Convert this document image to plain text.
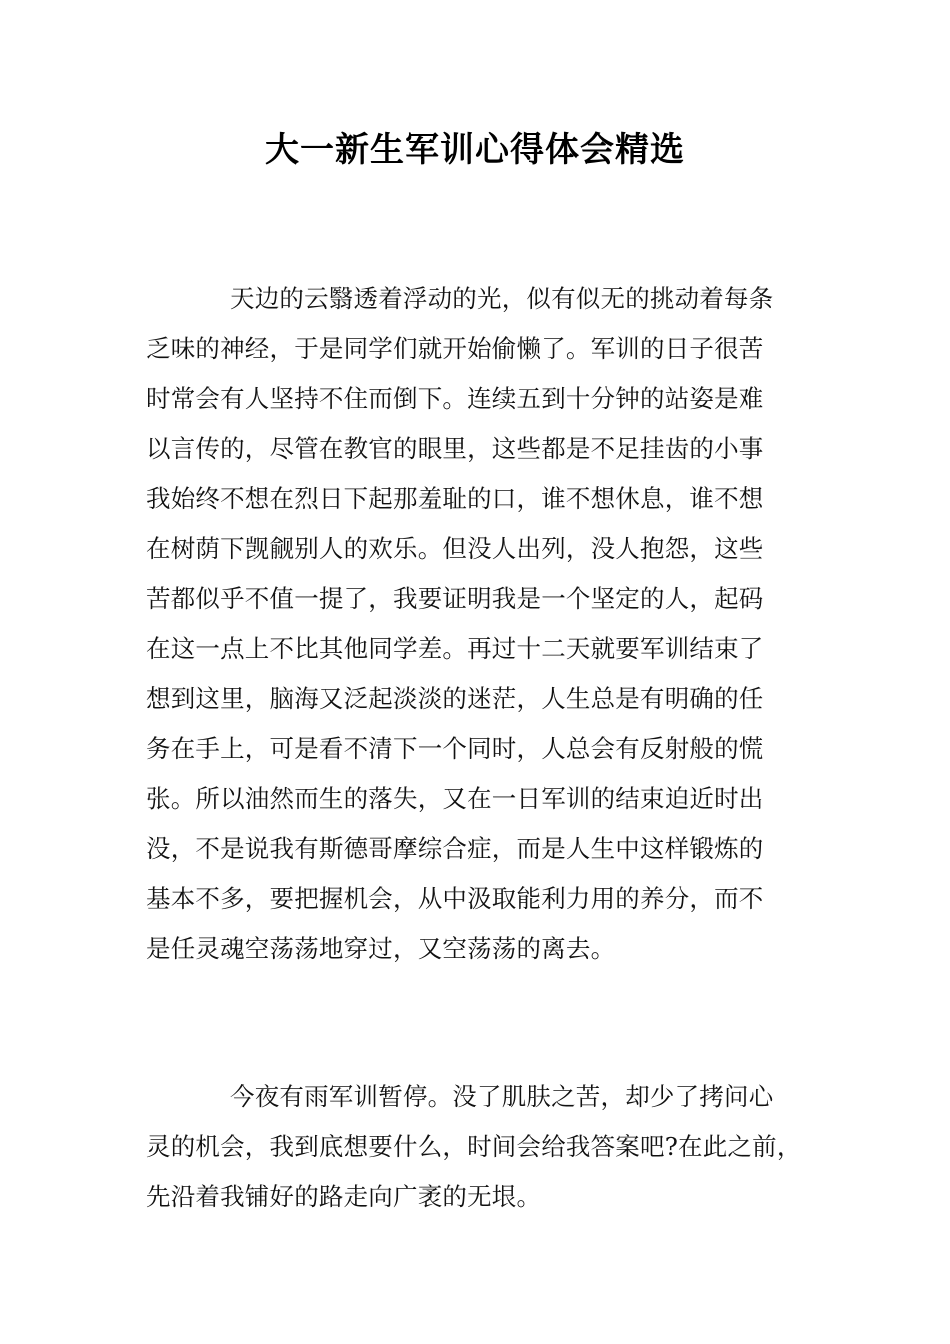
大一新生军训心得体会精选
天边的云翳透着浮动的光，似有似无的挑动着每条
乏味的神经，于是同学们就开始偷懒了。军训的日子很苦
时常会有人坚持不住而倒下。连续五到十分钟的站姿是难
以言传的，尽管在教官的眼里，这些都是不足挂齿的小事
我始终不想在烈日下起那羞耻的口，谁不想休息，谁不想
在树荫下觊觎别人的欢乐。但没人出列，没人抱怨，这些
苦都似乎不值一提了，我要证明我是一个坚定的人，起码
在这一点上不比其他同学差。再过十二天就要军训结束了
想到这里，脑海又泛起淡淡的迷茫，人生总是有明确的任
务在手上，可是看不清下一个同时，人总会有反射般的慌
张。所以油然而生的落失，又在一日军训的结束迫近时出
没，不是说我有斯德哥摩综合症，而是人生中这样锻炼的
基本不多，要把握机会，从中汲取能利力用的养分，而不
是任灵魂空荡荡地穿过，又空荡荡的离去。
今夜有雨军训暂停。没了肌肤之苦，却少了拷问心
灵的机会，我到底想要什么，时间会给我答案吧?在此之前，
先沿着我铺好的路走向广袤的无垠。
